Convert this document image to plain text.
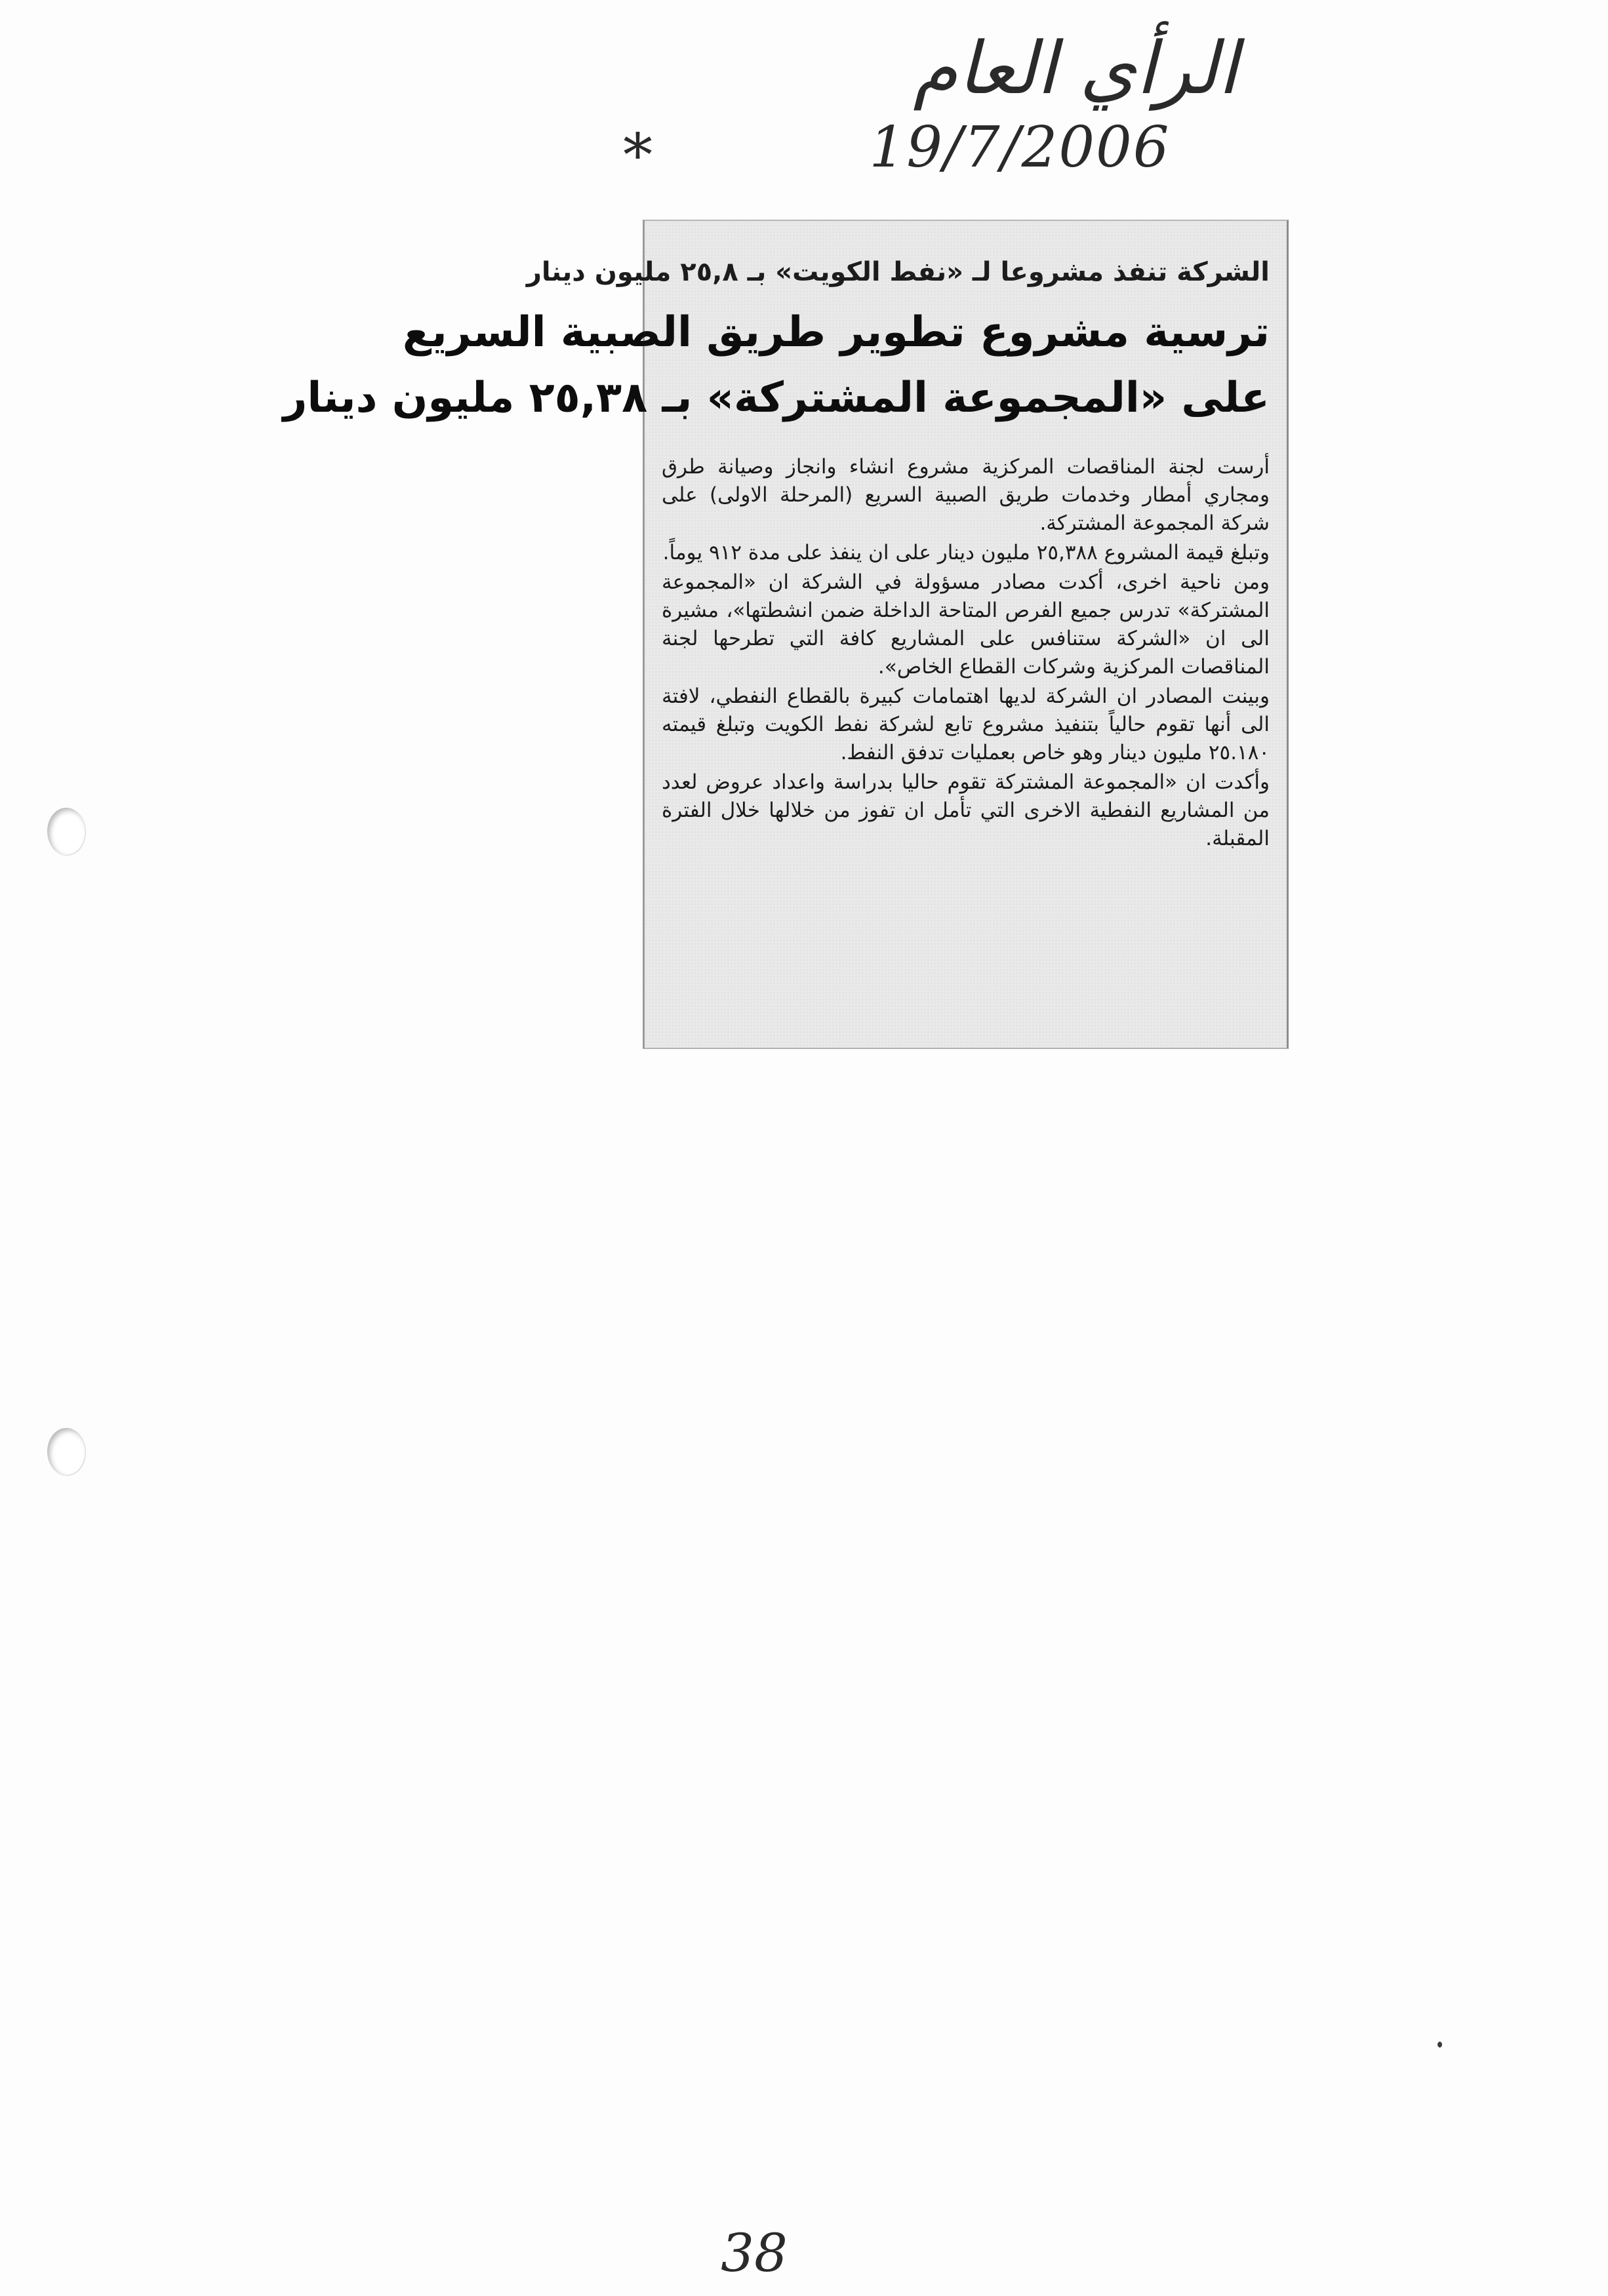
الرأي العام
19/7/2006
*
الشركة تنفذ مشروعا لـ «نفط الكويت» بـ ٢٥,٨ مليون دينار
ترسية مشروع تطوير طريق الصبية السريع
على «المجموعة المشتركة» بـ ٢٥,٣٨ مليون دينار

أرست لجنة المناقصات المركزية مشروع انشاء وانجاز وصيانة طرق ومجاري أمطار وخدمات طريق الصبية السريع (المرحلة الاولى) على شركة المجموعة المشتركة.

وتبلغ قيمة المشروع ٢٥,٣٨٨ مليون دينار على ان ينفذ على مدة ٩١٢ يوماً.

ومن ناحية اخرى، أكدت مصادر مسؤولة في الشركة ان «المجموعة المشتركة» تدرس جميع الفرص المتاحة الداخلة ضمن انشطتها»، مشيرة الى ان «الشركة ستنافس على المشاريع كافة التي تطرحها لجنة المناقصات المركزية وشركات القطاع الخاص».

وبينت المصادر ان الشركة لديها اهتمامات كبيرة بالقطاع النفطي، لافتة الى أنها تقوم حالياً بتنفيذ مشروع تابع لشركة نفط الكويت وتبلغ قيمته ٢٥.١٨٠ مليون دينار وهو خاص بعمليات تدفق النفط.

وأكدت ان «المجموعة المشتركة تقوم حاليا بدراسة واعداد عروض لعدد من المشاريع النفطية الاخرى التي تأمل ان تفوز من خلالها خلال الفترة المقبلة.

38
